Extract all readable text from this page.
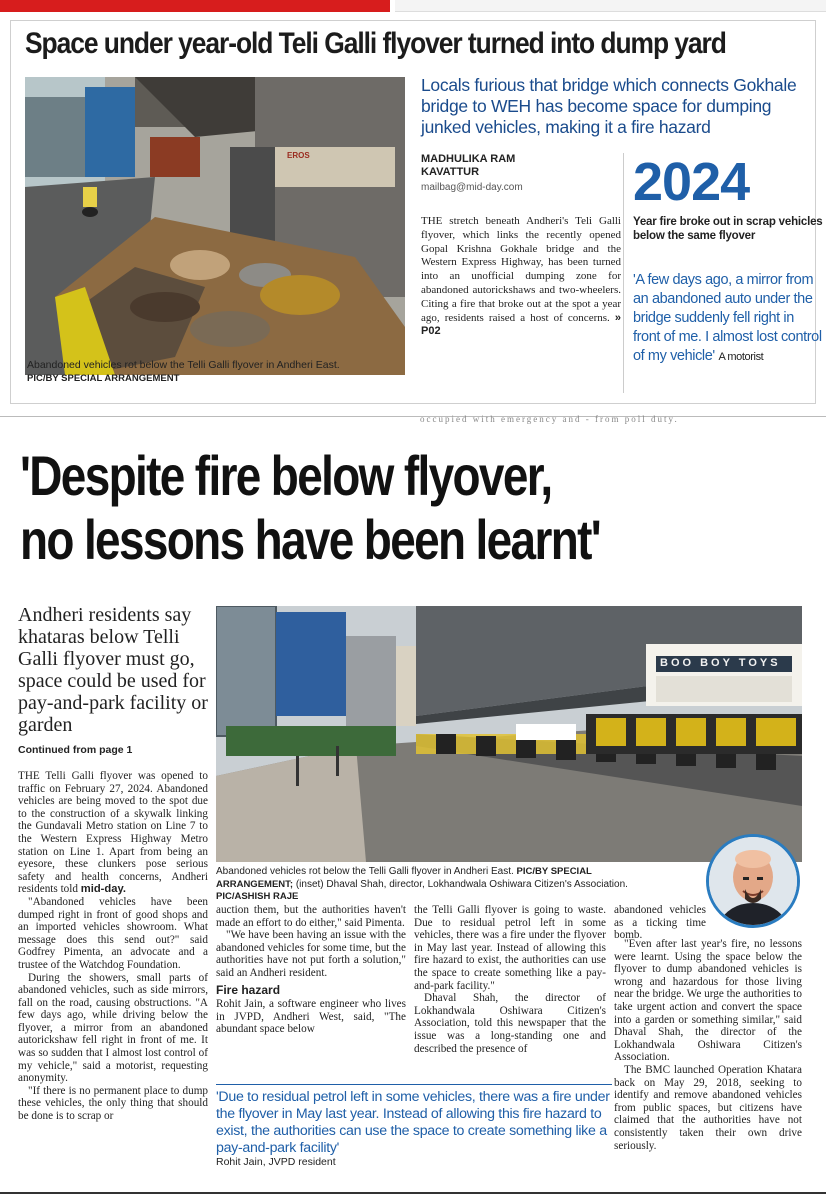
Space under year-old Teli Galli flyover turned into dump yard
EROS
Abandoned vehicles rot below the Telli Galli flyover in Andheri East.
PIC/BY SPECIAL ARRANGEMENT
Locals furious that bridge which connects Gokhale bridge to WEH has become space for dumping junked vehicles, making it a fire hazard
MADHULIKA RAM
KAVATTUR
mailbag@mid-day.com
THE stretch beneath Andheri's Teli Galli flyover, which links the recently opened Gopal Krishna Gokhale bridge and the Western Express Highway, has been turned into an unofficial dumping zone for abandoned autorickshaws and two-wheelers. Citing a fire that broke out at the spot a year ago, residents raised a host of concerns. » P02
2024
Year fire broke out in scrap vehicles below the same flyover
'A few days ago, a mirror from an abandoned auto under the bridge suddenly fell right in front of me. I almost lost control of my vehicle' A motorist
occupied with emergency and - from poll duty.
'Despite fire below flyover,
no lessons have been learnt'
Andheri residents say khataras below Telli Galli flyover must go, space could be used for pay-and-park facility or garden
Continued from page 1
BOO BOY TOYS
Abandoned vehicles rot below the Telli Galli flyover in Andheri East. PIC/BY SPECIAL ARRANGEMENT; (inset) Dhaval Shah, director, Lokhandwala Oshiwara Citizen's Association. PIC/ASHISH RAJE

THE Telli Galli flyover was opened to traffic on February 27, 2024. Abandoned vehicles are being moved to the spot due to the construction of a skywalk linking the Gundavali Metro station on Line 7 to the Western Express Highway Metro station on Line 1. Apart from being an eyesore, these clunkers pose serious safety and health concerns, Andheri residents told mid-day.

"Abandoned vehicles have been dumped right in front of good shops and an imported vehicles showroom. What message does this send out?" said Godfrey Pimenta, an advocate and a trustee of the Watchdog Foundation.

During the showers, small parts of abandoned vehicles, such as side mirrors, fall on the road, causing obstructions. "A few days ago, while driving below the flyover, a mirror from an abandoned autorickshaw fell right in front of me. It was so sudden that I almost lost control of my vehicle," said a motorist, requesting anonymity.

"If there is no permanent place to dump these vehicles, the only thing that should be done is to scrap or

auction them, but the authorities haven't made an effort to do either," said Pimenta.

"We have been having an issue with the abandoned vehicles for some time, but the authorities have not put forth a solution," said an Andheri resident.

Fire hazard

Rohit Jain, a software engineer who lives in JVPD, Andheri West, said, "The abundant space below

the Telli Galli flyover is going to waste. Due to residual petrol left in some vehicles, there was a fire under the flyover in May last year. Instead of allowing this fire hazard to exist, the authorities can use the space to create something like a pay-and-park facility."

Dhaval Shah, the director of Lokhandwala Oshiwara Citizen's Association, told this newspaper that the issue was a long-standing one and described the presence of

abandoned vehicles as a ticking time bomb.

"Even after last year's fire, no lessons were learnt. Using the space below the flyover to dump abandoned vehicles is wrong and hazardous for those living near the bridge. We urge the authorities to take urgent action and convert the space into a garden or something similar," said Dhaval Shah, the director of the Lokhandwala Oshiwara Citizen's Association.

The BMC launched Operation Khatara back on May 29, 2018, seeking to identify and remove abandoned vehicles from public spaces, but citizens have claimed that the authorities have not consistently taken their own drive seriously.

'Due to residual petrol left in some vehicles, there was a fire under the flyover in May last year. Instead of allowing this fire hazard to exist, the authorities can use the space to create something like a pay-and-park facility'
Rohit Jain, JVPD resident
